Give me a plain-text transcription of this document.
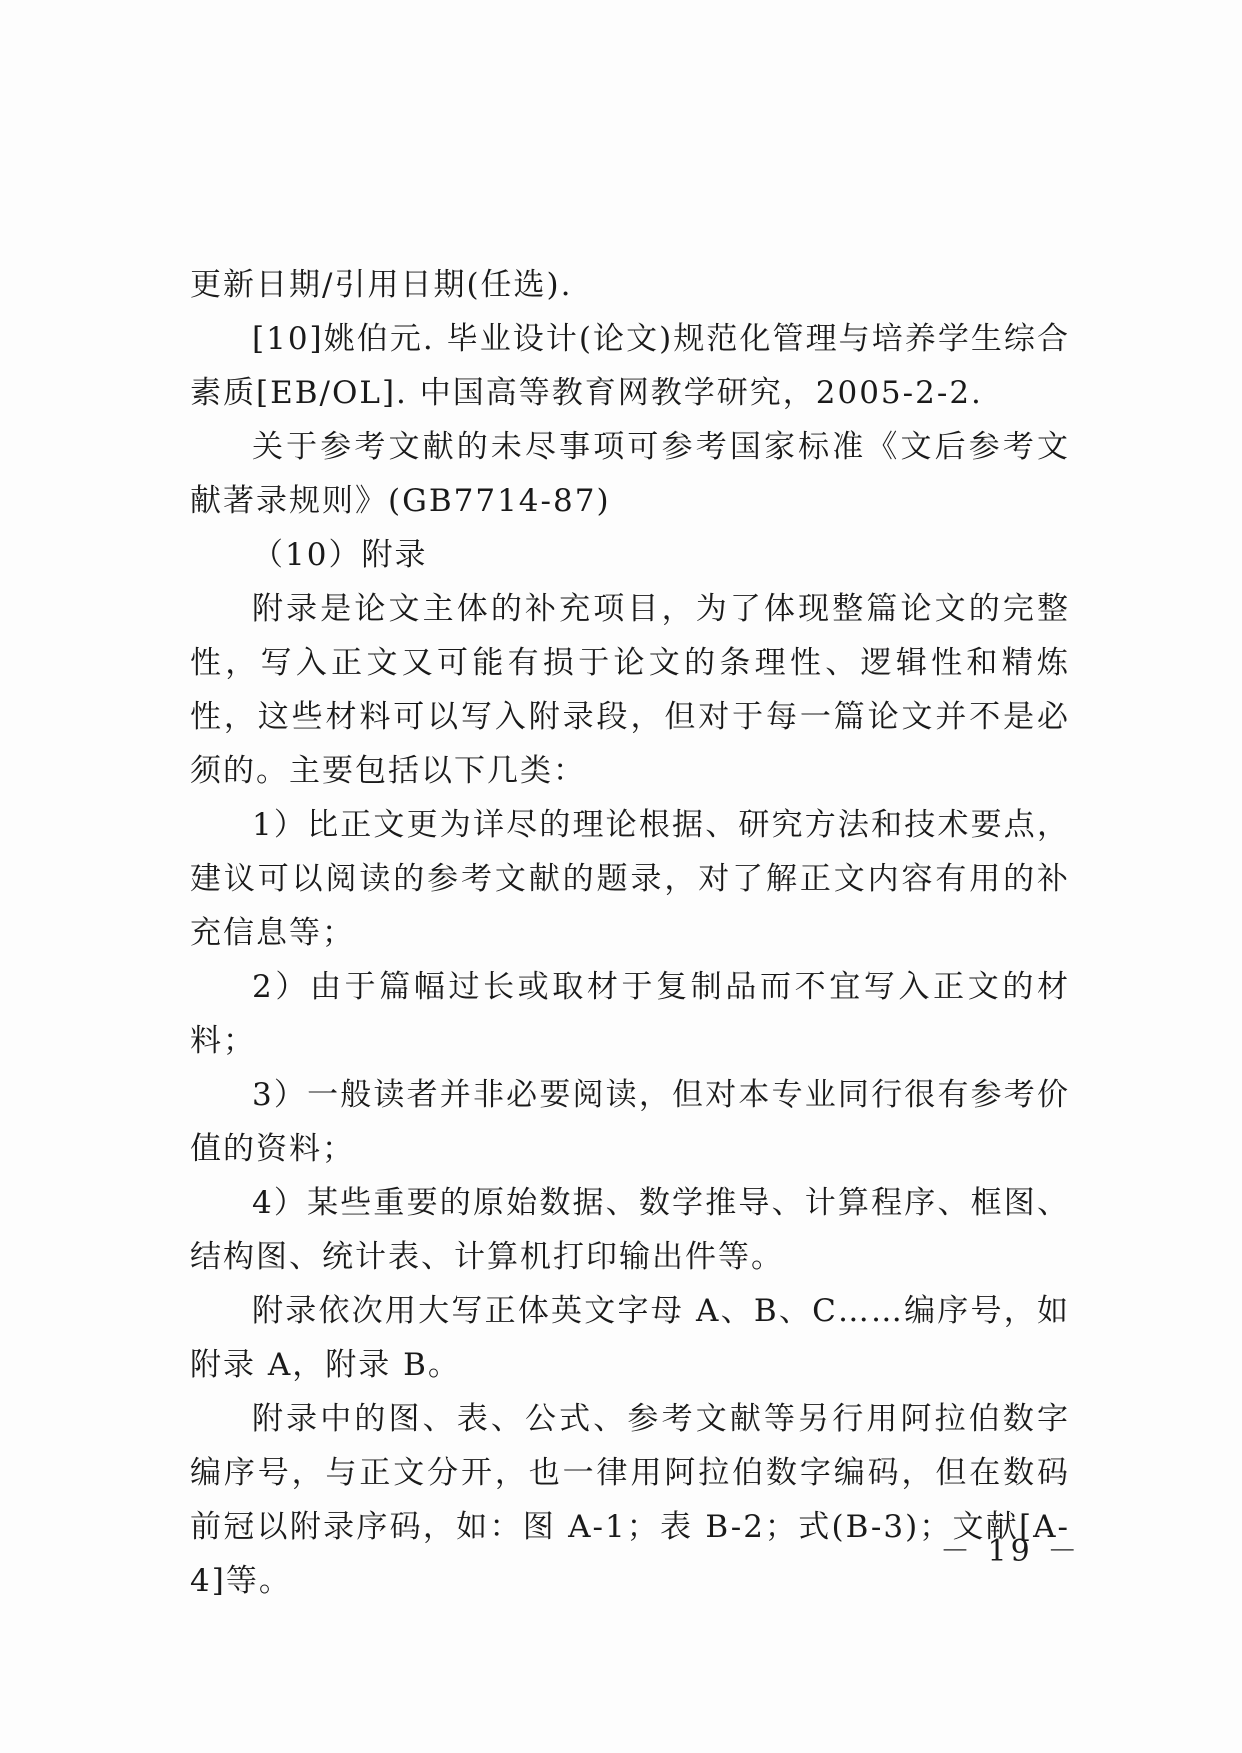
更新日期/引用日期(任选).

[10]姚伯元. 毕业设计(论文)规范化管理与培养学生综合素质[EB/OL]. 中国高等教育网教学研究，2005-2-2.

关于参考文献的未尽事项可参考国家标准《文后参考文献著录规则》(GB7714-87)

（10）附录

附录是论文主体的补充项目，为了体现整篇论文的完整性，写入正文又可能有损于论文的条理性、逻辑性和精炼性，这些材料可以写入附录段，但对于每一篇论文并不是必须的。主要包括以下几类：

1）比正文更为详尽的理论根据、研究方法和技术要点，建议可以阅读的参考文献的题录，对了解正文内容有用的补充信息等；

2）由于篇幅过长或取材于复制品而不宜写入正文的材料；

3）一般读者并非必要阅读，但对本专业同行很有参考价值的资料；

4）某些重要的原始数据、数学推导、计算程序、框图、结构图、统计表、计算机打印输出件等。

附录依次用大写正体英文字母 A、B、C……编序号，如附录 A，附录 B。

附录中的图、表、公式、参考文献等另行用阿拉伯数字编序号，与正文分开，也一律用阿拉伯数字编码，但在数码前冠以附录序码，如：图 A-1；表 B-2；式(B-3)；文献[A-4]等。

－ 19 －
